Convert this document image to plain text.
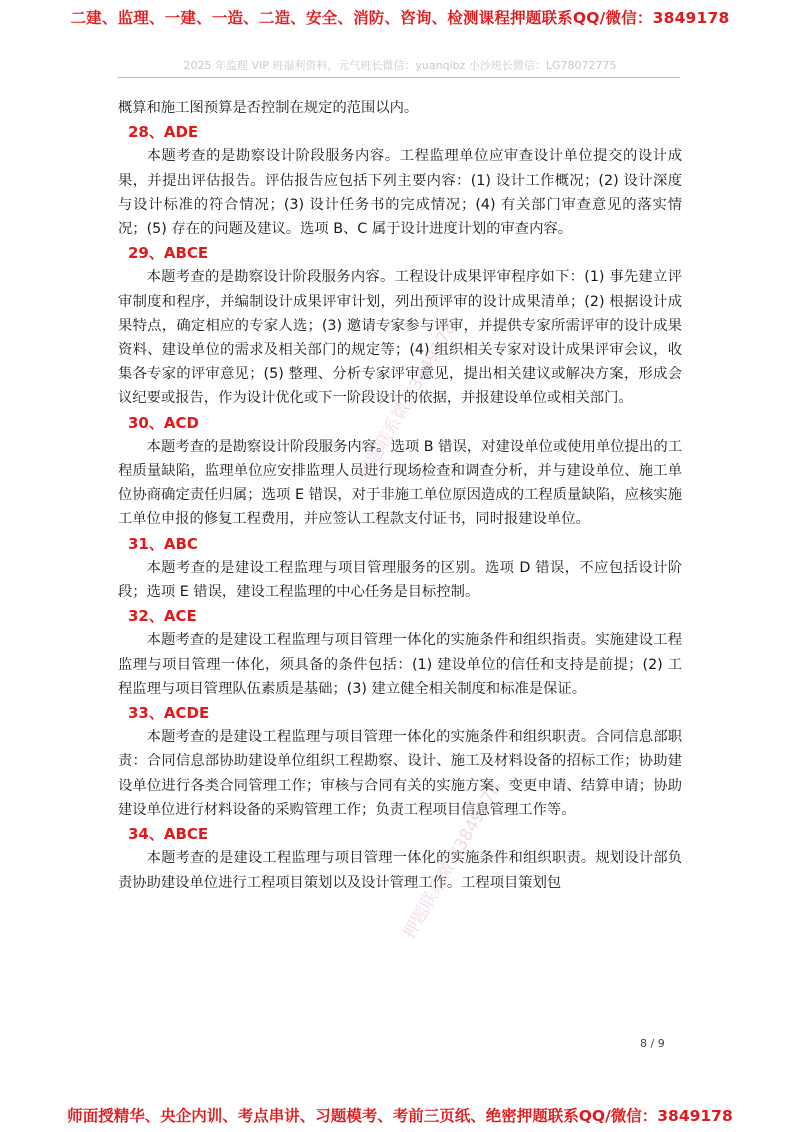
二建、监理、一建、一造、二造、安全、消防、咨询、检测课程押题联系QQ/微信：3849178
2025 年监理 VIP 班福利资料，元气班长微信：yuanqibz 小沙班长微信：LG78072775

概算和施工图预算是否控制在规定的范围以内。

28、ADE

本题考查的是勘察设计阶段服务内容。工程监理单位应审查设计单位提交的设计成果，并提出评估报告。评估报告应包括下列主要内容：(1) 设计工作概况；(2) 设计深度与设计标准的符合情况；(3) 设计任务书的完成情况；(4) 有关部门审查意见的落实情况；(5) 存在的问题及建议。选项 B、C 属于设计进度计划的审查内容。

29、ABCE

本题考查的是勘察设计阶段服务内容。工程设计成果评审程序如下：(1) 事先建立评审制度和程序，并编制设计成果评审计划，列出预评审的设计成果清单；(2) 根据设计成果特点，确定相应的专家人选；(3) 邀请专家参与评审，并提供专家所需评审的设计成果资料、建设单位的需求及相关部门的规定等；(4) 组织相关专家对设计成果评审会议，收集各专家的评审意见；(5) 整理、分析专家评审意见，提出相关建议或解决方案，形成会议纪要或报告，作为设计优化或下一阶段设计的依据，并报建设单位或相关部门。

30、ACD

本题考查的是勘察设计阶段服务内容。选项 B 错误，对建设单位或使用单位提出的工程质量缺陷，监理单位应安排监理人员进行现场检查和调查分析，并与建设单位、施工单位协商确定责任归属；选项 E 错误，对于非施工单位原因造成的工程质量缺陷，应核实施工单位申报的修复工程费用，并应签认工程款支付证书，同时报建设单位。

31、ABC

本题考查的是建设工程监理与项目管理服务的区别。选项 D 错误，不应包括设计阶段；选项 E 错误，建设工程监理的中心任务是目标控制。

32、ACE

本题考查的是建设工程监理与项目管理一体化的实施条件和组织指责。实施建设工程监理与项目管理一体化，须具备的条件包括：(1) 建设单位的信任和支持是前提；(2) 工程监理与项目管理队伍素质是基础；(3) 建立健全相关制度和标准是保证。

33、ACDE

本题考查的是建设工程监理与项目管理一体化的实施条件和组织职责。合同信息部职责：合同信息部协助建设单位组织工程勘察、设计、施工及材料设备的招标工作；协助建设单位进行各类合同管理工作；审核与合同有关的实施方案、变更申请、结算申请；协助建设单位进行材料设备的采购管理工作；负责工程项目信息管理工作等。

34、ABCE

本题考查的是建设工程监理与项目管理一体化的实施条件和组织职责。规划设计部负责协助建设单位进行工程项目策划以及设计管理工作。工程项目策划包

押题联系微信3849178
押题联系微信3849178
8 / 9
师面授精华、央企内训、考点串讲、习题模考、考前三页纸、绝密押题联系QQ/微信：3849178
